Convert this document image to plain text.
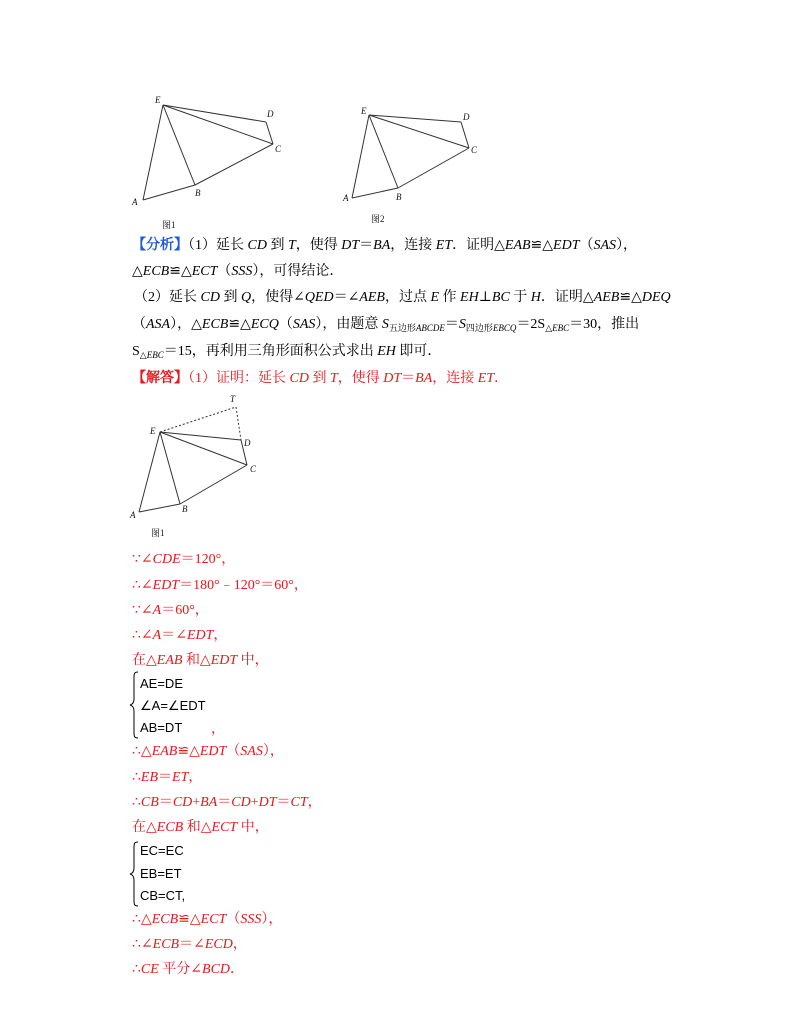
E
D
C
B
A
图1
E
D
C
B
A
图2
【分析】（1）延长 CD 到 T，使得 DT＝BA，连接 ET．证明△EAB≌△EDT（SAS），
△ECB≌△ECT（SSS），可得结论．
（2）延长 CD 到 Q，使得∠QED＝∠AEB，过点 E 作 EH⊥BC 于 H．证明△AEB≌△DEQ
（ASA），△ECB≌△ECQ（SAS），由题意 $S_{五边形ABCDE}=S_{四边形EBCQ}=2S_{\triangle EBC}=30$，推出
$S_{\triangle EBC}=15$，再利用三角形面积公式求出 EH 即可．
【解答】（1）证明：延长 CD 到 T，使得 DT＝BA，连接 ET．
T
E
D
C
B
A
图1
∵∠CDE＝120°，
∴∠EDT＝180°﹣120°＝60°，
∵∠A＝60°，
∴∠A＝∠EDT，
在△EAB 和△EDT 中，
AE=DE
∠A=∠EDT
AB=DT ，
∴△EAB≌△EDT（SAS），
∴EB＝ET，
∴CB＝CD+BA＝CD+DT＝CT，
在△ECB 和△ECT 中，
EC=EC
EB=ET
CB=CT,
∴△ECB≌△ECT（SSS），
∴∠ECB＝∠ECD，
∴CE 平分∠BCD．
